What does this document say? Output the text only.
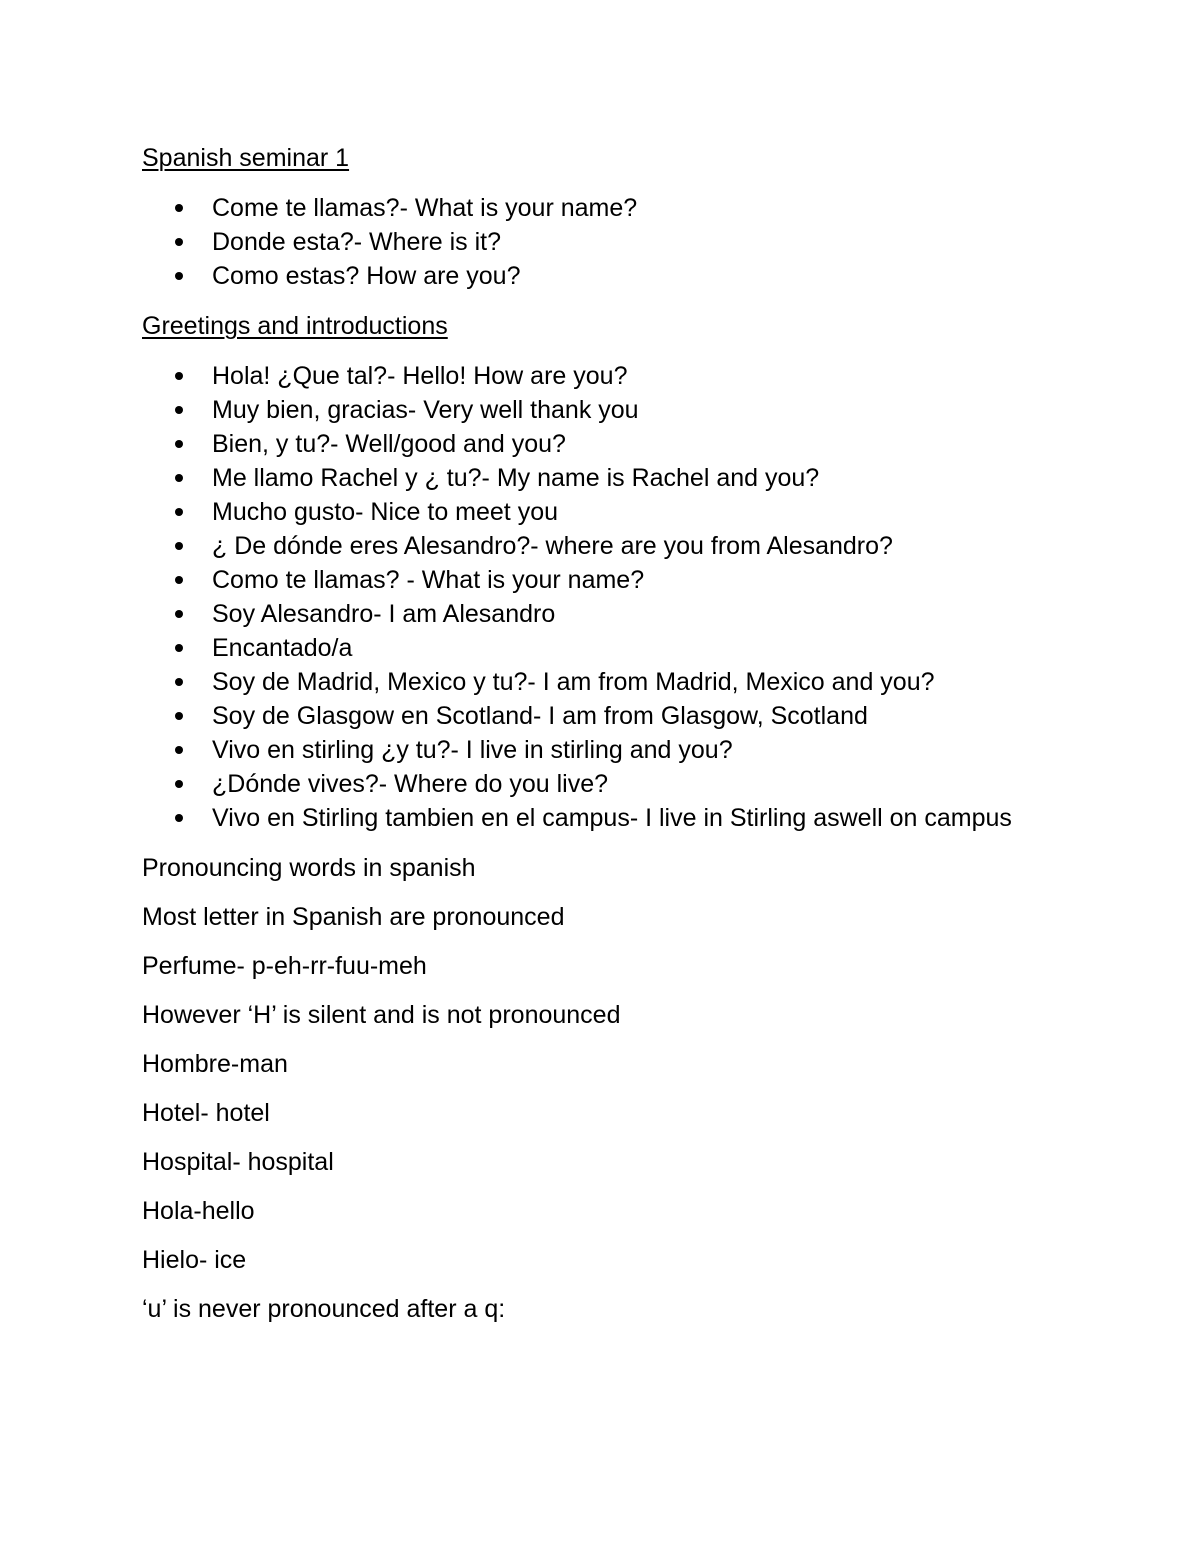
Spanish seminar 1

Come te llamas?- What is your name?
Donde esta?- Where is it?
Como estas? How are you?

Greetings and introductions

Hola! ¿Que tal?- Hello! How are you?
Muy bien, gracias- Very well thank you
Bien, y tu?- Well/good and you?
Me llamo Rachel y ¿ tu?- My name is Rachel and you?
Mucho gusto- Nice to meet you
¿ De dónde eres Alesandro?- where are you from Alesandro?
Como te llamas? - What is your name?
Soy Alesandro- I am Alesandro
Encantado/a
Soy de Madrid, Mexico y tu?- I am from Madrid, Mexico and you?
Soy de Glasgow en Scotland- I am from Glasgow, Scotland
Vivo en stirling ¿y tu?- I live in stirling and you?
¿Dónde vives?- Where do you live?
Vivo en Stirling tambien en el campus- I live in Stirling aswell on campus

Pronouncing words in spanish

Most letter in Spanish are pronounced

Perfume- p-eh-rr-fuu-meh

However ‘H’ is silent and is not pronounced

Hombre-man

Hotel- hotel

Hospital- hospital

Hola-hello

Hielo- ice

‘u’ is never pronounced after a q:
